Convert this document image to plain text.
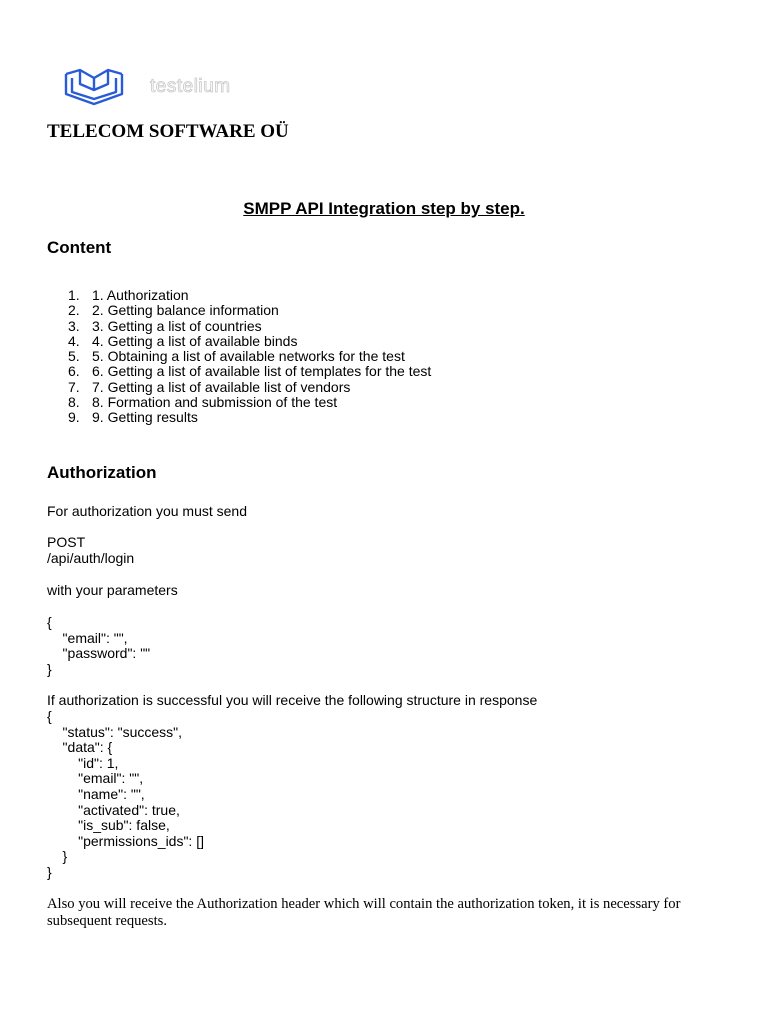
testelium
TELECOM SOFTWARE OÜ
SMPP API Integration step by step.
Content
1. 1. Authorization
2. 2. Getting balance information
3. 3. Getting a list of countries
4. 4. Getting a list of available binds
5. 5. Obtaining a list of available networks for the test
6. 6. Getting a list of available list of templates for the test
7. 7. Getting a list of available list of vendors
8. 8. Formation and submission of the test
9. 9. Getting results
Authorization
For authorization you must send
POST
/api/auth/login
with your parameters
{
"email": "",
"password": ""
}
If authorization is successful you will receive the following structure in response
{
"status": "success",
"data": {
"id": 1,
"email": "",
"name": "",
"activated": true,
"is_sub": false,
"permissions_ids": []
}
}
Also you will receive the Authorization header which will contain the authorization token, it is necessary for subsequent requests.
